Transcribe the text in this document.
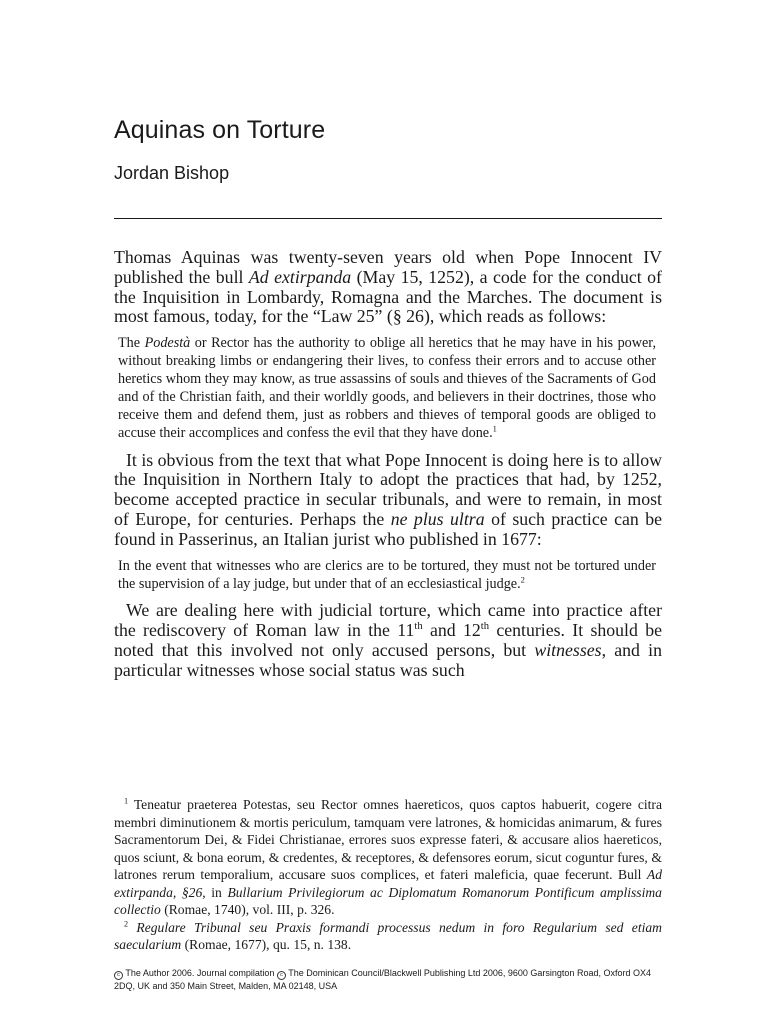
Aquinas on Torture
Jordan Bishop

Thomas Aquinas was twenty-seven years old when Pope Innocent IV published the bull Ad extirpanda (May 15, 1252), a code for the conduct of the Inquisition in Lombardy, Romagna and the Marches. The document is most famous, today, for the “Law 25” (§ 26), which reads as follows:

The Podestà or Rector has the authority to oblige all heretics that he may have in his power, without breaking limbs or endangering their lives, to confess their errors and to accuse other heretics whom they may know, as true assassins of souls and thieves of the Sacraments of God and of the Christian faith, and their worldly goods, and believers in their doctrines, those who receive them and defend them, just as robbers and thieves of temporal goods are obliged to accuse their accomplices and confess the evil that they have done.$^1$

It is obvious from the text that what Pope Innocent is doing here is to allow the Inquisition in Northern Italy to adopt the practices that had, by 1252, become accepted practice in secular tribunals, and were to remain, in most of Europe, for centuries. Perhaps the ne plus ultra of such practice can be found in Passerinus, an Italian jurist who published in 1677:

In the event that witnesses who are clerics are to be tortured, they must not be tortured under the supervision of a lay judge, but under that of an ecclesiastical judge.$^2$

We are dealing here with judicial torture, which came into practice after the rediscovery of Roman law in the 11th and 12th centuries. It should be noted that this involved not only accused persons, but witnesses, and in particular witnesses whose social status was such

$^1$ Teneatur praeterea Potestas, seu Rector omnes haereticos, quos captos habuerit, cogere citra membri diminutionem & mortis periculum, tamquam vere latrones, & homicidas animarum, & fures Sacramentorum Dei, & Fidei Christianae, errores suos expresse fateri, & accusare alios haereticos, quos sciunt, & bona eorum, & credentes, & receptores, & defensores eorum, sicut coguntur fures, & latrones rerum temporalium, accusare suos complices, et fateri maleficia, quae fecerunt. Bull Ad extirpanda, §26, in Bullarium Privilegiorum ac Diplomatum Romanorum Pontificum amplissima collectio (Romae, 1740), vol. III, p. 326.

$^2$ Regulare Tribunal seu Praxis formandi processus nedum in foro Regularium sed etiam saecularium (Romae, 1677), qu. 15, n. 138.

c The Author 2006. Journal compilation c The Dominican Council/Blackwell Publishing Ltd 2006, 9600 Garsington Road, Oxford OX4 2DQ, UK and 350 Main Street, Malden, MA 02148, USA
